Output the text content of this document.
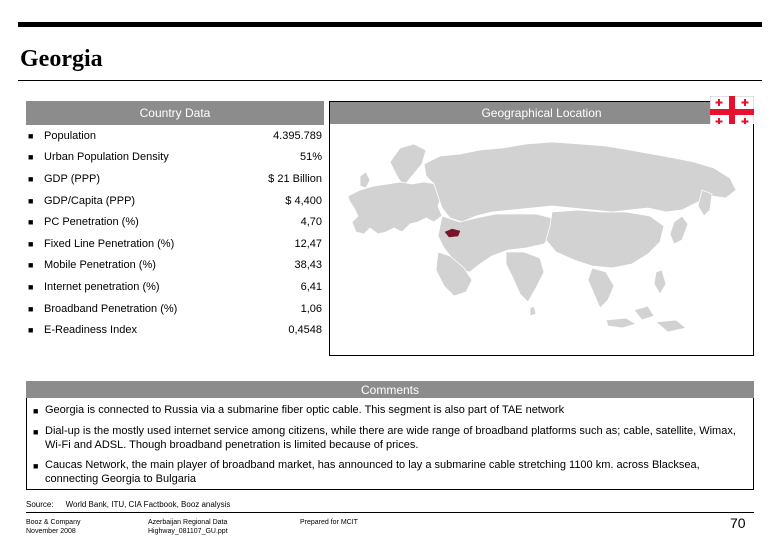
Georgia
Country Data	Geographical Location
■ Population	4.395.789
■ Urban Population Density	51%
■ GDP (PPP)	$ 21 Billion
■ GDP/Capita (PPP)	$ 4,400
■ PC Penetration (%)	4,70
■ Fixed Line Penetration (%)	12,47
■ Mobile Penetration (%)	38,43
■ Internet penetration (%)	6,41
■ Broadband Penetration (%)	1,06
■ E-Readiness Index	0,4548
Comments
■ Georgia is connected to Russia via a submarine fiber optic cable. This segment is also part of TAE network
■ Dial-up is the mostly used internet service among citizens, while there are wide range of broadband platforms such as; cable, satellite, Wimax, Wi-Fi and ADSL. Though broadband penetration is limited because of prices.
■ Caucas Network, the main player of broadband market, has announced to lay a submarine cable stretching 1100 km. across Blacksea, connecting Georgia to Bulgaria
Source: World Bank, ITU, CIA Factbook, Booz analysis
Booz & Company
November 2008
Azerbaijan Regional Data
Highway_081107_GU.ppt
Prepared for MCIT	70
